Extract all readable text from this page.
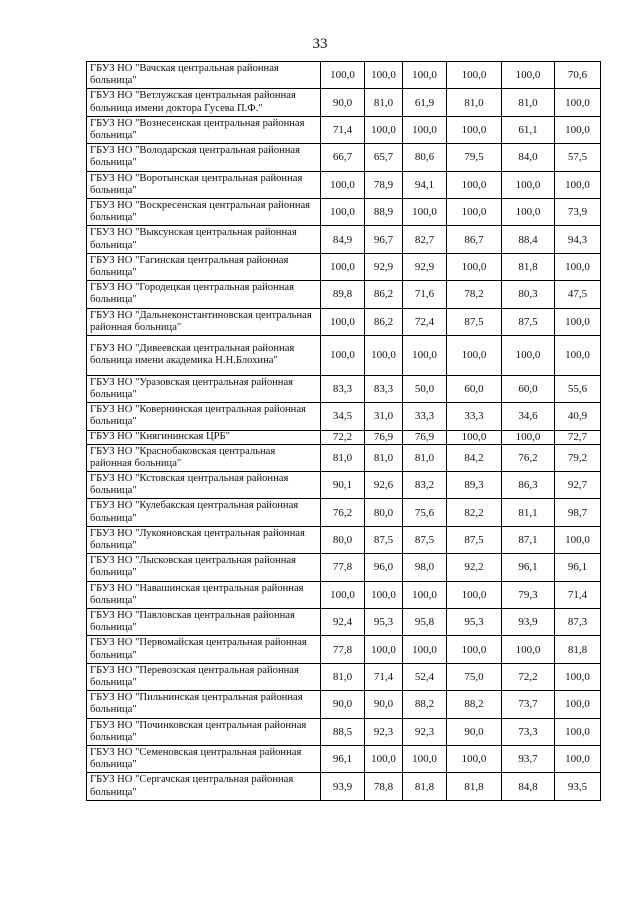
33
ГБУЗ НО "Вачская центральная районная больница"	100,0	100,0	100,0	100,0	100,0	70,6
ГБУЗ НО "Ветлужская центральная районная больница имени доктора Гусева П.Ф."	90,0	81,0	61,9	81,0	81,0	100,0
ГБУЗ НО "Вознесенская центральная районная больница"	71,4	100,0	100,0	100,0	61,1	100,0
ГБУЗ НО "Володарская центральная районная больница"	66,7	65,7	80,6	79,5	84,0	57,5
ГБУЗ НО "Воротынская центральная районная больница"	100,0	78,9	94,1	100,0	100,0	100,0
ГБУЗ НО "Воскресенская центральная районная больница"	100,0	88,9	100,0	100,0	100,0	73,9
ГБУЗ НО "Выксунская центральная районная больница"	84,9	96,7	82,7	86,7	88,4	94,3
ГБУЗ НО "Гагинская центральная районная больница"	100,0	92,9	92,9	100,0	81,8	100,0
ГБУЗ НО "Городецкая центральная районная больница"	89,8	86,2	71,6	78,2	80,3	47,5
ГБУЗ НО "Дальнеконстантиновская центральная районная больница"	100,0	86,2	72,4	87,5	87,5	100,0
ГБУЗ НО "Дивеевская центральная районная больница имени академика Н.Н.Блохина"	100,0	100,0	100,0	100,0	100,0	100,0
ГБУЗ НО "Уразовская центральная районная больница"	83,3	83,3	50,0	60,0	60,0	55,6
ГБУЗ НО "Ковернинская центральная районная больница"	34,5	31,0	33,3	33,3	34,6	40,9
ГБУЗ НО "Княгининская ЦРБ"	72,2	76,9	76,9	100,0	100,0	72,7
ГБУЗ НО "Краснобаковская центральная районная больница"	81,0	81,0	81,0	84,2	76,2	79,2
ГБУЗ НО "Кстовская центральная районная больница"	90,1	92,6	83,2	89,3	86,3	92,7
ГБУЗ НО "Кулебакская центральная районная больница"	76,2	80,0	75,6	82,2	81,1	98,7
ГБУЗ НО "Лукояновская центральная районная больница"	80,0	87,5	87,5	87,5	87,1	100,0
ГБУЗ НО "Лысковская центральная районная больница"	77,8	96,0	98,0	92,2	96,1	96,1
ГБУЗ НО "Навашинская центральная районная больница"	100,0	100,0	100,0	100,0	79,3	71,4
ГБУЗ НО "Павловская центральная районная больница"	92,4	95,3	95,8	95,3	93,9	87,3
ГБУЗ НО "Первомайская центральная районная больница"	77,8	100,0	100,0	100,0	100,0	81,8
ГБУЗ НО "Перевозская центральная районная больница"	81,0	71,4	52,4	75,0	72,2	100,0
ГБУЗ НО "Пильнинская центральная районная больница"	90,0	90,0	88,2	88,2	73,7	100,0
ГБУЗ НО "Починковская центральная районная больница"	88,5	92,3	92,3	90,0	73,3	100,0
ГБУЗ НО "Семеновская центральная районная больница"	96,1	100,0	100,0	100,0	93,7	100,0
ГБУЗ НО "Сергачская центральная районная больница"	93,9	78,8	81,8	81,8	84,8	93,5
